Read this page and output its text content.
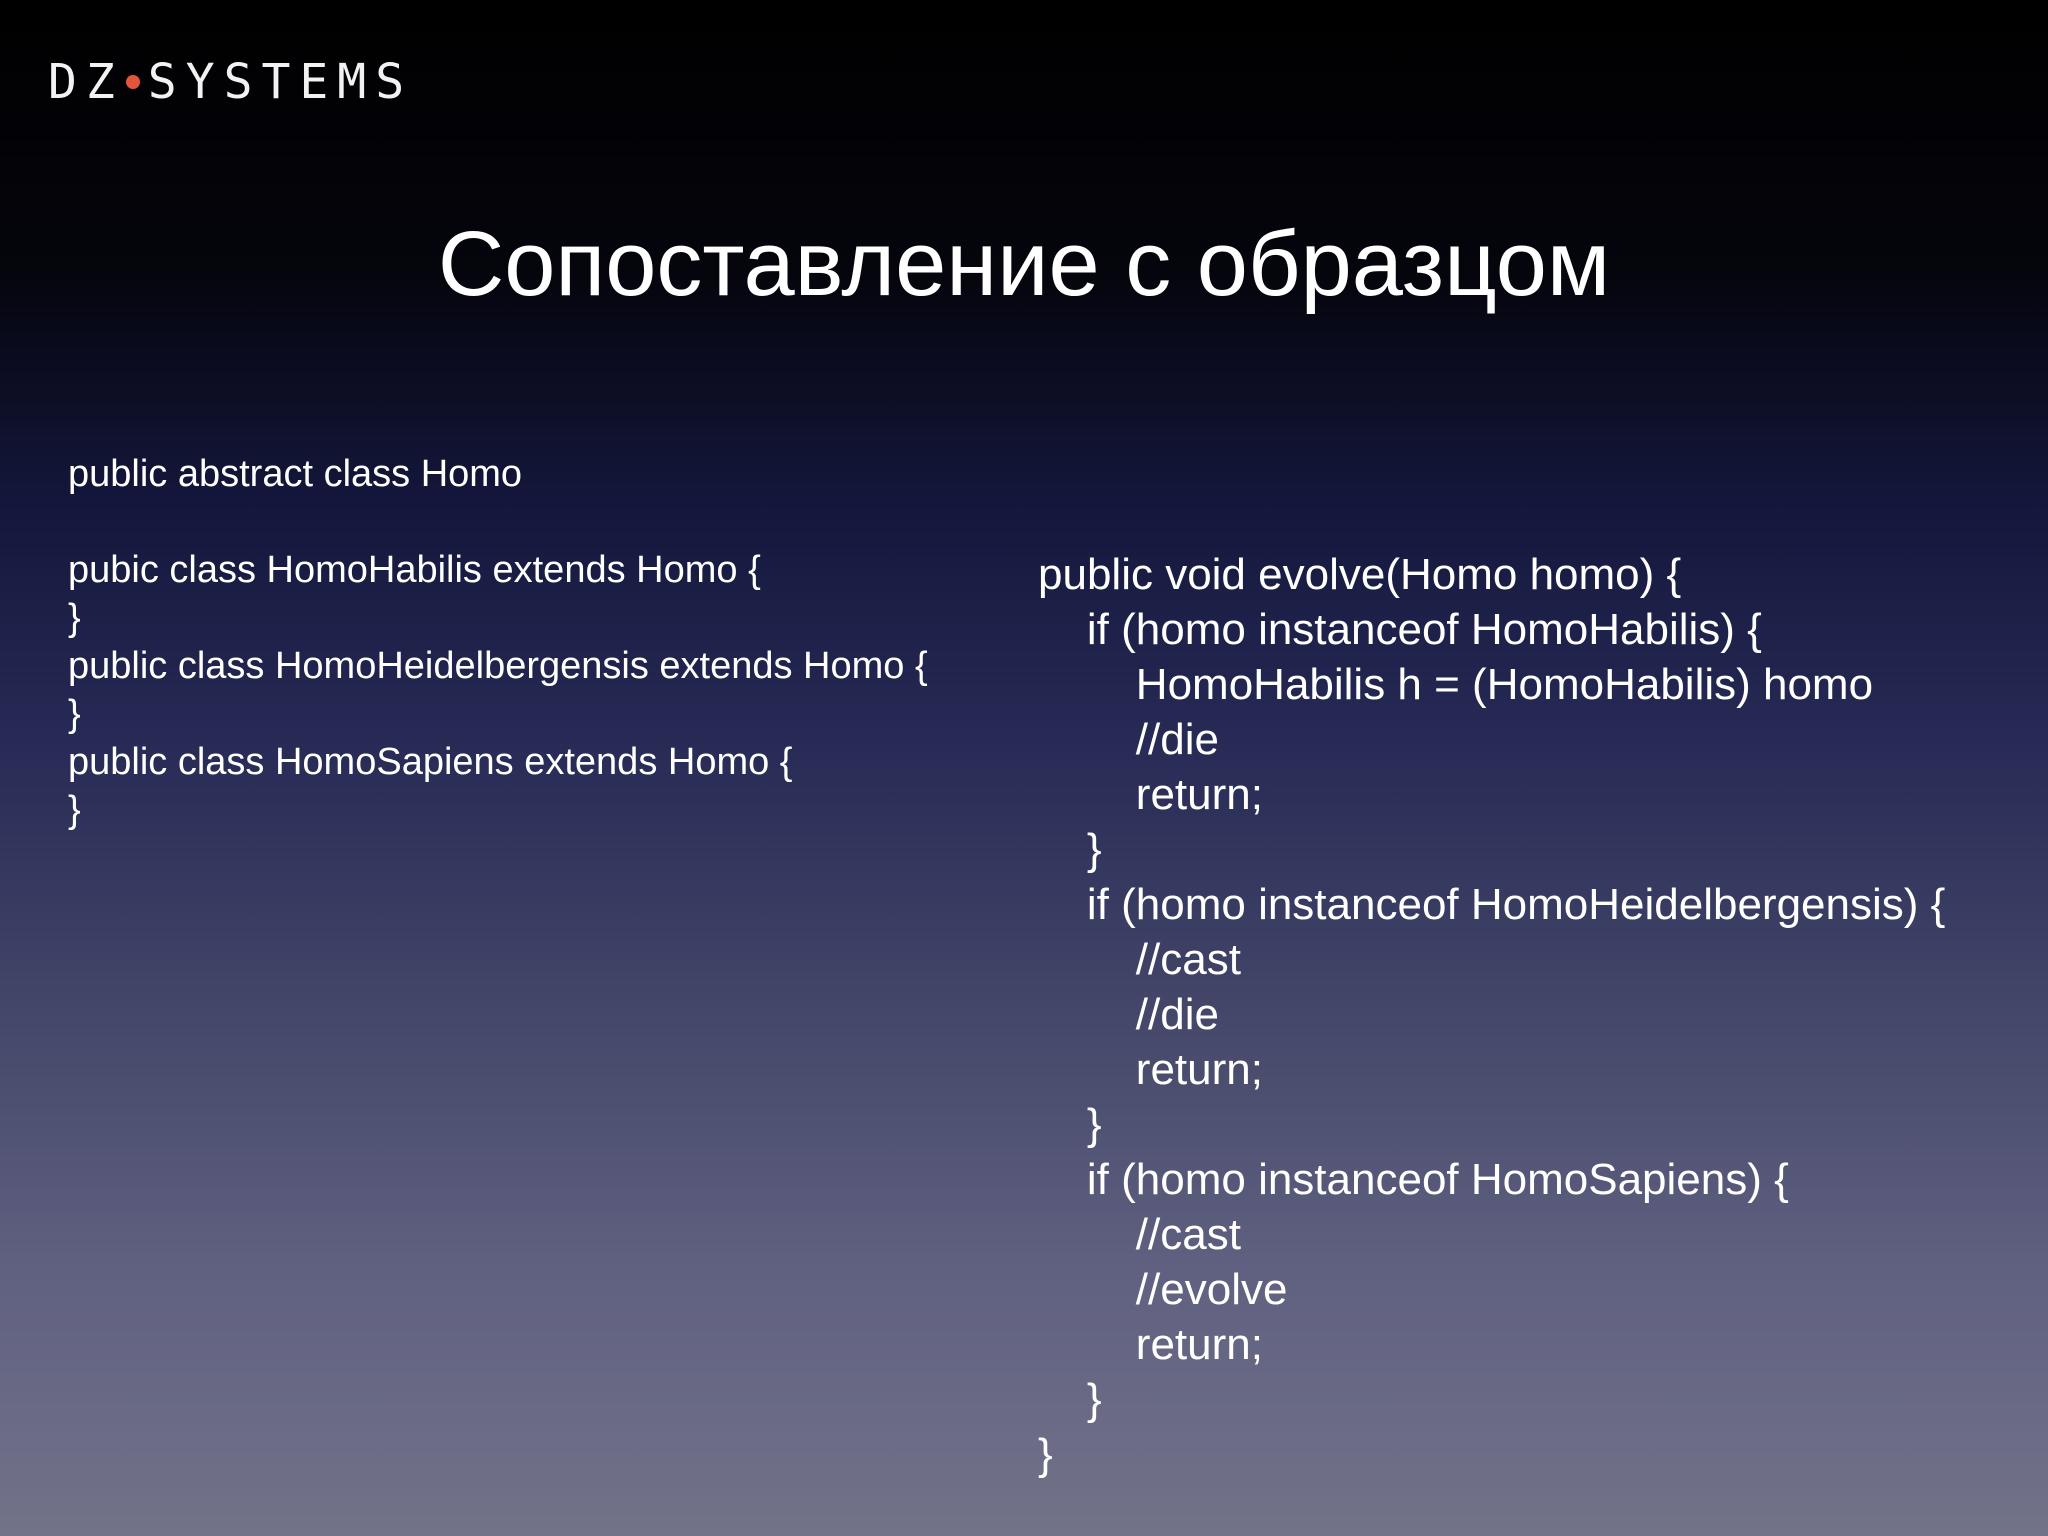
DZ SYSTEMS
Сопоставление с образцом
public abstract class Homo
pubic class HomoHabilis extends Homo {
}
public class HomoHeidelbergensis extends Homo {
}
public class HomoSapiens extends Homo {
}
public void evolve(Homo homo) {
if (homo instanceof HomoHabilis) {
HomoHabilis h = (HomoHabilis) homo
//die
return;
}
if (homo instanceof HomoHeidelbergensis) {
//cast
//die
return;
}
if (homo instanceof HomoSapiens) {
//cast
//evolve
return;
}
}
